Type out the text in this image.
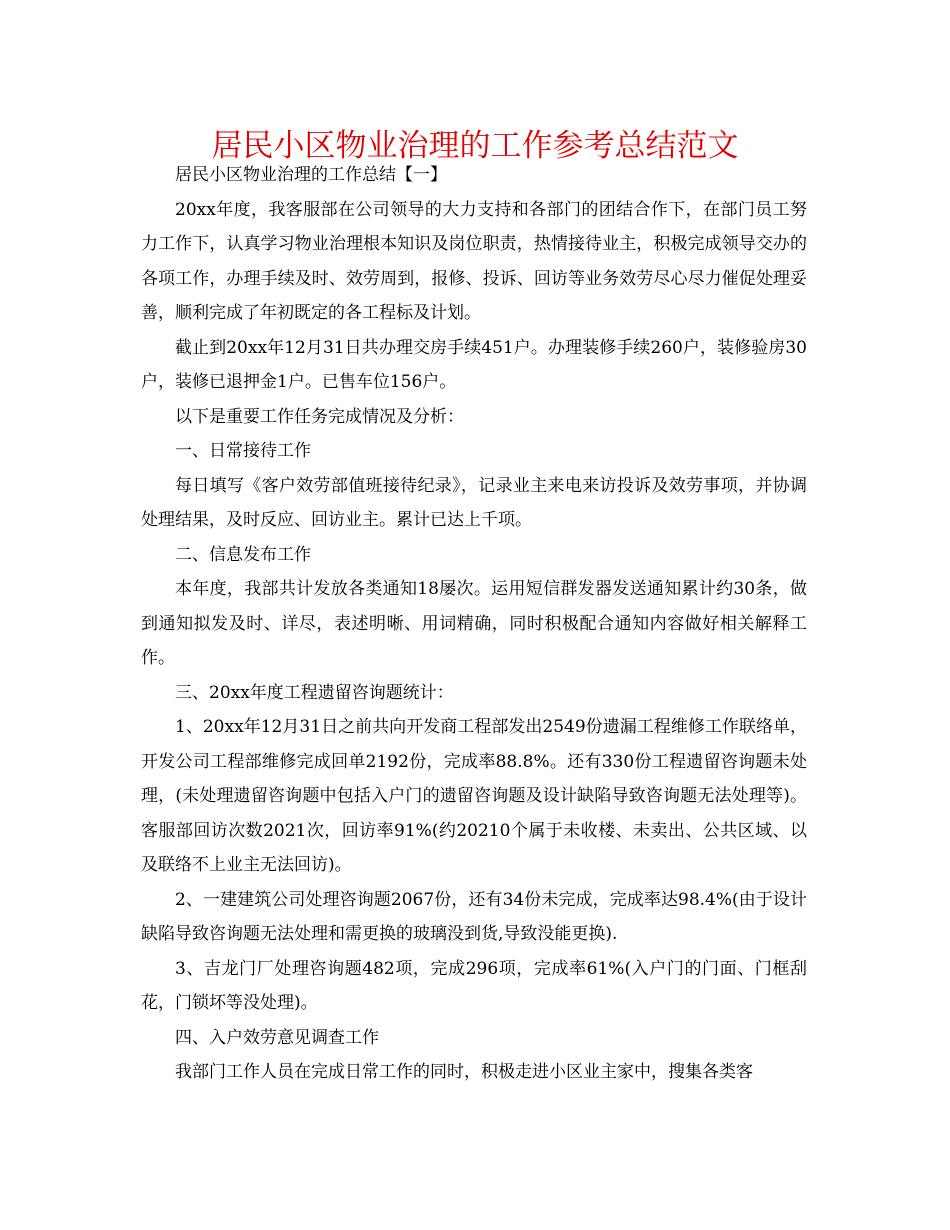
居民小区物业治理的工作参考总结范文

居民小区物业治理的工作总结【一】

20xx年度，我客服部在公司领导的大力支持和各部门的团结合作下，在部门员工努力工作下，认真学习物业治理根本知识及岗位职责，热情接待业主，积极完成领导交办的各项工作，办理手续及时、效劳周到，报修、投诉、回访等业务效劳尽心尽力催促处理妥善，顺利完成了年初既定的各工程标及计划。

截止到20xx年12月31日共办理交房手续451户。办理装修手续260户，装修验房30户，装修已退押金1户。已售车位156户。

以下是重要工作任务完成情况及分析：

一、日常接待工作

每日填写《客户效劳部值班接待纪录》，记录业主来电来访投诉及效劳事项，并协调处理结果，及时反应、回访业主。累计已达上千项。

二、信息发布工作

本年度，我部共计发放各类通知18屡次。运用短信群发器发送通知累计约30条，做到通知拟发及时、详尽，表述明晰、用词精确，同时积极配合通知内容做好相关解释工作。

三、20xx年度工程遗留咨询题统计：

1、20xx年12月31日之前共向开发商工程部发出2549份遗漏工程维修工作联络单，开发公司工程部维修完成回单2192份，完成率88.8%。还有330份工程遗留咨询题未处理，(未处理遗留咨询题中包括入户门的遗留咨询题及设计缺陷导致咨询题无法处理等)。客服部回访次数2021次，回访率91%(约20210个属于未收楼、未卖出、公共区域、以及联络不上业主无法回访)。

2、一建建筑公司处理咨询题2067份，还有34份未完成，完成率达98.4%(由于设计缺陷导致咨询题无法处理和需更换的玻璃没到货,导致没能更换).

3、吉龙门厂处理咨询题482项，完成296项，完成率61%(入户门的门面、门框刮花，门锁坏等没处理)。

四、入户效劳意见调查工作

我部门工作人员在完成日常工作的同时，积极走进小区业主家中，搜集各类客
